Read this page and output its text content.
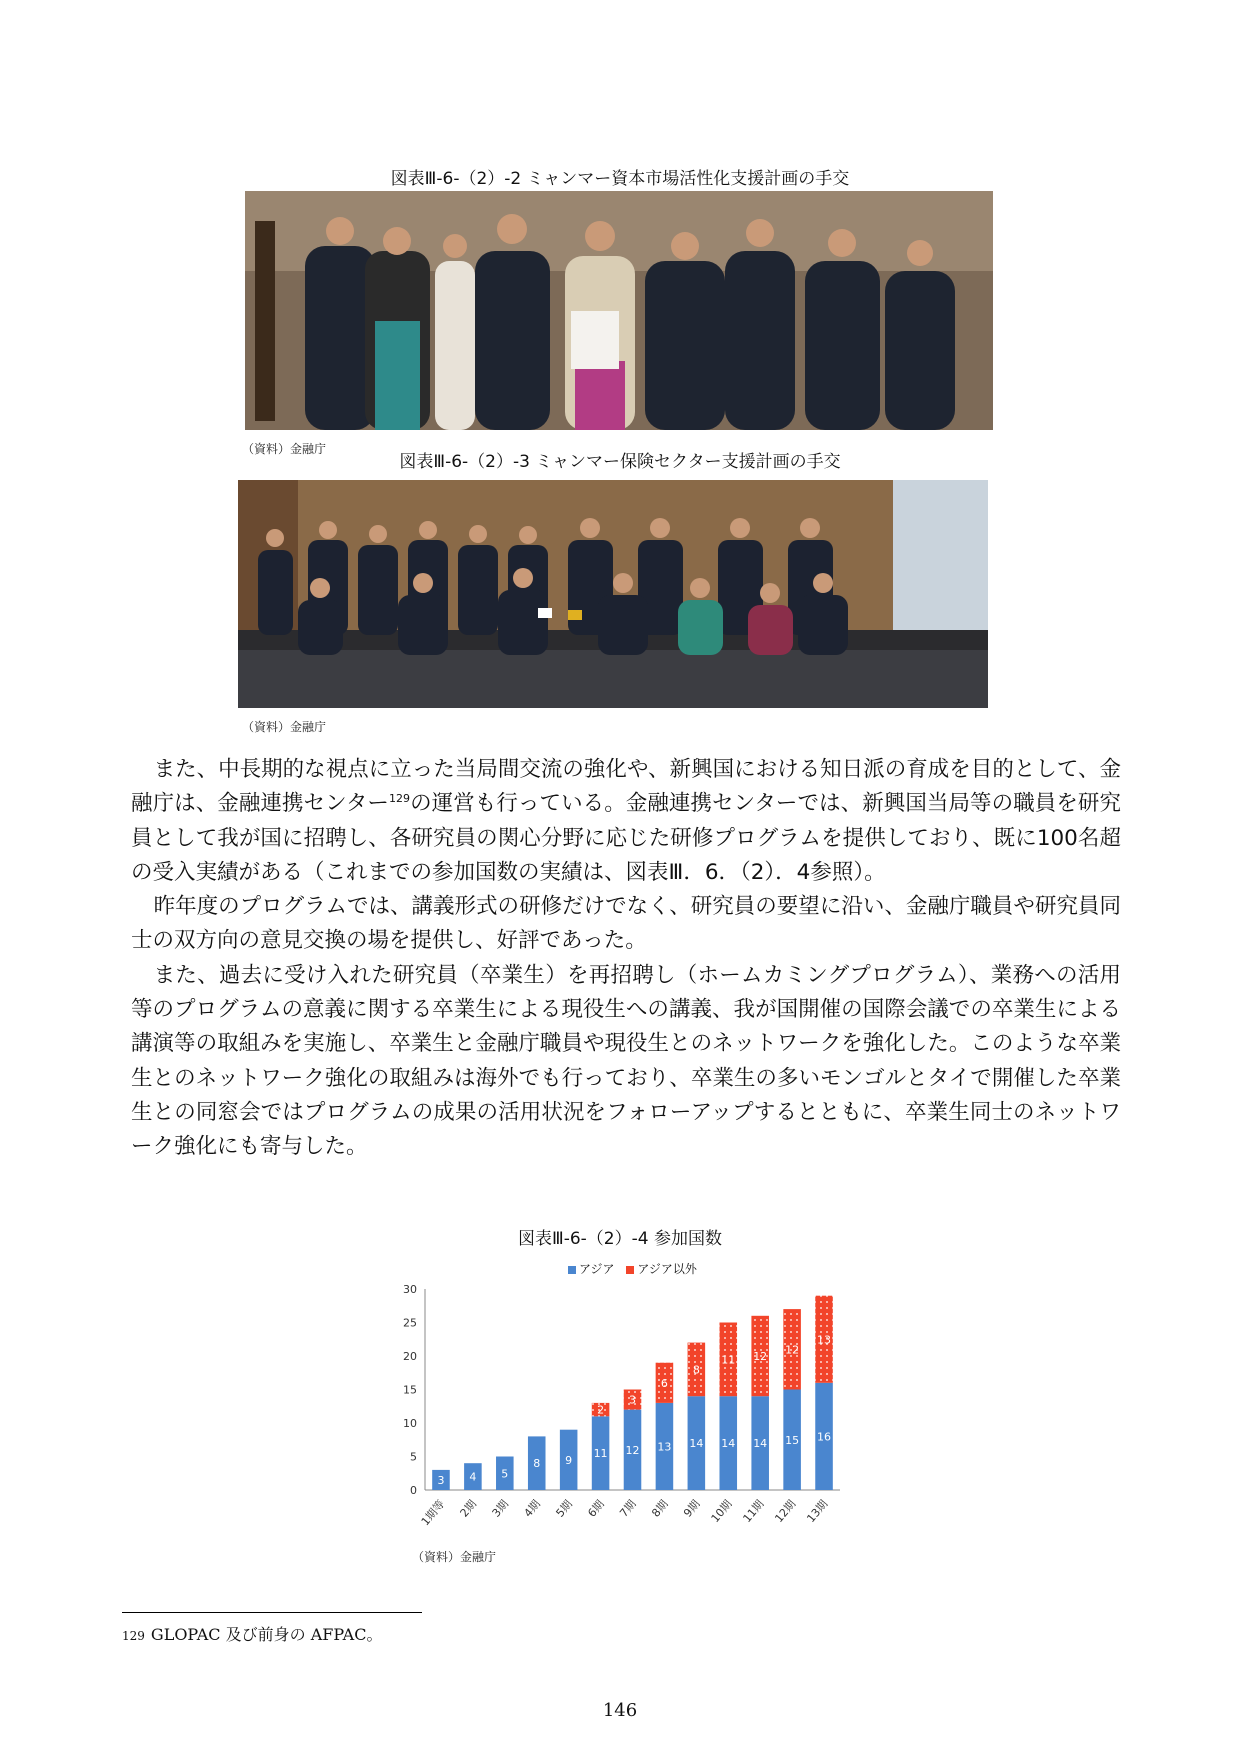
図表Ⅲ-6-（2）-2 ミャンマー資本市場活性化支援計画の手交
（資料）金融庁
図表Ⅲ-6-（2）-3 ミャンマー保険セクター支援計画の手交
（資料）金融庁

また、中長期的な視点に立った当局間交流の強化や、新興国における知日派の育成を目的として、金融庁は、金融連携センター$^{129}$の運営も行っている。金融連携センターでは、新興国当局等の職員を研究員として我が国に招聘し、各研究員の関心分野に応じた研修プログラムを提供しており、既に100名超の受入実績がある（これまでの参加国数の実績は、図表Ⅲ．6．（2）．4参照）。

昨年度のプログラムでは、講義形式の研修だけでなく、研究員の要望に沿い、金融庁職員や研究員同士の双方向の意見交換の場を提供し、好評であった。

また、過去に受け入れた研究員（卒業生）を再招聘し（ホームカミングプログラム）、業務への活用等のプログラムの意義に関する卒業生による現役生への講義、我が国開催の国際会議での卒業生による講演等の取組みを実施し、卒業生と金融庁職員や現役生とのネットワークを強化した。このような卒業生とのネットワーク強化の取組みは海外でも行っており、卒業生の多いモンゴルとタイで開催した卒業生との同窓会ではプログラムの成果の活用状況をフォローアップするとともに、卒業生同士のネットワーク強化にも寄与した。

図表Ⅲ-6-（2）-4 参加国数
アジア アジア以外
0
5
10
15
20
25
30
3
1期等
4
2期
5
3期
8
4期
9
5期
11
2
6期
12
3
7期
13
6
8期
14
8
9期
14
11
10期
14
12
11期
15
12
12期
16
13
13期
（資料）金融庁
129 GLOPAC 及び前身の AFPAC。
146
